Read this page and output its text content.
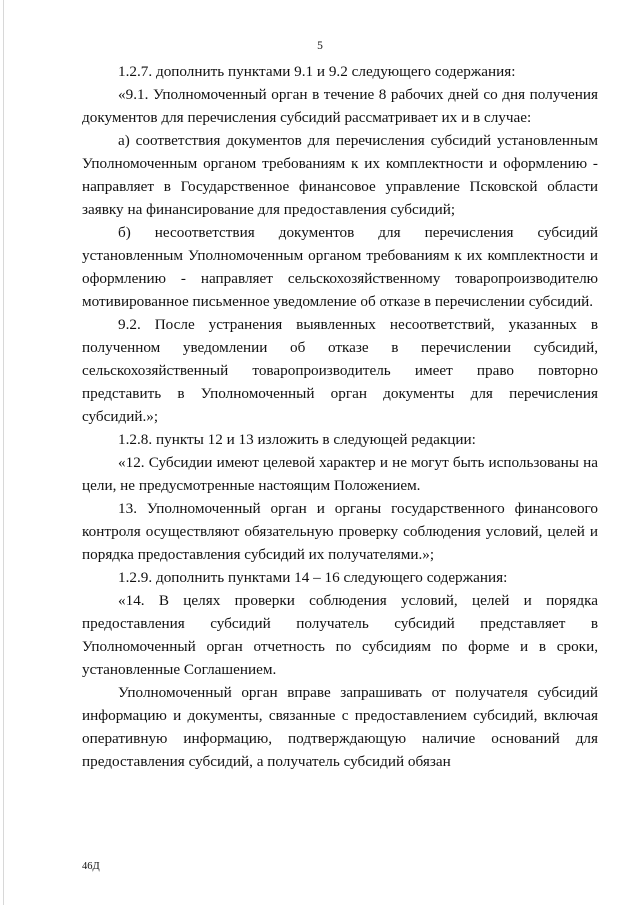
5

1.2.7. дополнить пунктами 9.1 и 9.2 следующего содержания:

«9.1. Уполномоченный орган в течение 8 рабочих дней со дня получения документов для перечисления субсидий рассматривает их и в случае:

а) соответствия документов для перечисления субсидий установленным Уполномоченным органом требованиям к их комплектности и оформлению - направляет в Государственное финансовое управление Псковской области заявку на финансирование для предоставления субсидий;

б) несоответствия документов для перечисления субсидий установленным Уполномоченным органом требованиям к их комплектности и оформлению - направляет сельскохозяйственному товаропроизводителю мотивированное письменное уведомление об отказе в перечислении субсидий.

9.2. После устранения выявленных несоответствий, указанных в полученном уведомлении об отказе в перечислении субсидий, сельскохозяйственный товаропроизводитель имеет право повторно представить в Уполномоченный орган документы для перечисления субсидий.»;

1.2.8. пункты 12 и 13 изложить в следующей редакции:

«12. Субсидии имеют целевой характер и не могут быть использованы на цели, не предусмотренные настоящим Положением.

13. Уполномоченный орган и органы государственного финансового контроля осуществляют обязательную проверку соблюдения условий, целей и порядка предоставления субсидий их получателями.»;

1.2.9. дополнить пунктами 14 – 16 следующего содержания:

«14. В целях проверки соблюдения условий, целей и порядка предоставления субсидий получатель субсидий представляет в Уполномоченный орган отчетность по субсидиям по форме и в сроки, установленные Соглашением.

Уполномоченный орган вправе запрашивать от получателя субсидий информацию и документы, связанные с предоставлением субсидий, включая оперативную информацию, подтверждающую наличие оснований для предоставления субсидий, а получатель субсидий обязан

46Д
